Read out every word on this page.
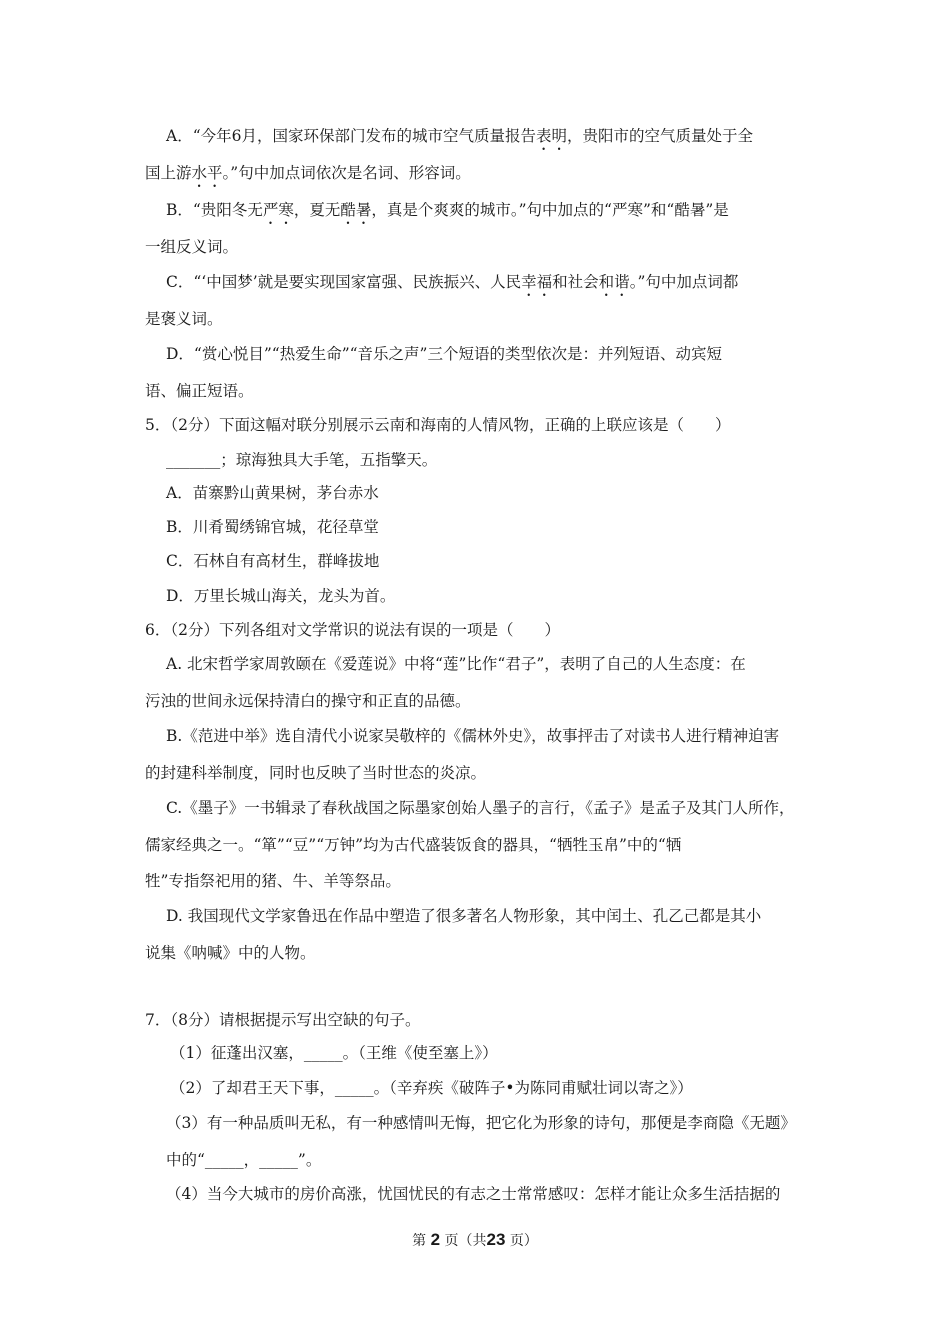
A．“今年6月，国家环保部门发布的城市空气质量报告表明，贵阳市的空气质量处于全
国上游水平。”句中加点词依次是名词、形容词。
B．“贵阳冬无严寒，夏无酷暑，真是个爽爽的城市。”句中加点的“严寒”和“酷暑”是
一组反义词。
C．“‘中国梦’就是要实现国家富强、民族振兴、人民幸福和社会和谐。”句中加点词都
是褒义词。
D．“赏心悦目”“热爱生命”“音乐之声”三个短语的类型依次是：并列短语、动宾短
语、偏正短语。
5．（2分）下面这幅对联分别展示云南和海南的人情风物，正确的上联应该是（　　）
_______；琼海独具大手笔，五指擎天。
A．苗寨黔山黄果树，茅台赤水
B．川肴蜀绣锦官城，花径草堂
C．石林自有高材生，群峰拔地
D．万里长城山海关，龙头为首。
6．（2分）下列各组对文学常识的说法有误的一项是（　　）
A. 北宋哲学家周敦颐在《爱莲说》中将“莲”比作“君子”，表明了自己的人生态度：在
污浊的世间永远保持清白的操守和正直的品德。
B.《范进中举》选自清代小说家吴敬梓的《儒林外史》，故事抨击了对读书人进行精神迫害
的封建科举制度，同时也反映了当时世态的炎凉。
C.《墨子》一书辑录了春秋战国之际墨家创始人墨子的言行，《孟子》是孟子及其门人所作，
儒家经典之一。“箪”“豆”“万钟”均为古代盛装饭食的器具，“牺牲玉帛”中的“牺
牲”专指祭祀用的猪、牛、羊等祭品。
D. 我国现代文学家鲁迅在作品中塑造了很多著名人物形象，其中闰土、孔乙己都是其小
说集《呐喊》中的人物。
7．（8分）请根据提示写出空缺的句子。
（1）征蓬出汉塞，_____。（王维《使至塞上》）
（2）了却君王天下事，_____。（辛弃疾《破阵子•为陈同甫赋壮词以寄之》）
（3）有一种品质叫无私，有一种感情叫无悔，把它化为形象的诗句，那便是李商隐《无题》
中的“_____，_____”。
（4）当今大城市的房价高涨，忧国忧民的有志之士常常感叹：怎样才能让众多生活拮据的
第 2 页（共23 页）
